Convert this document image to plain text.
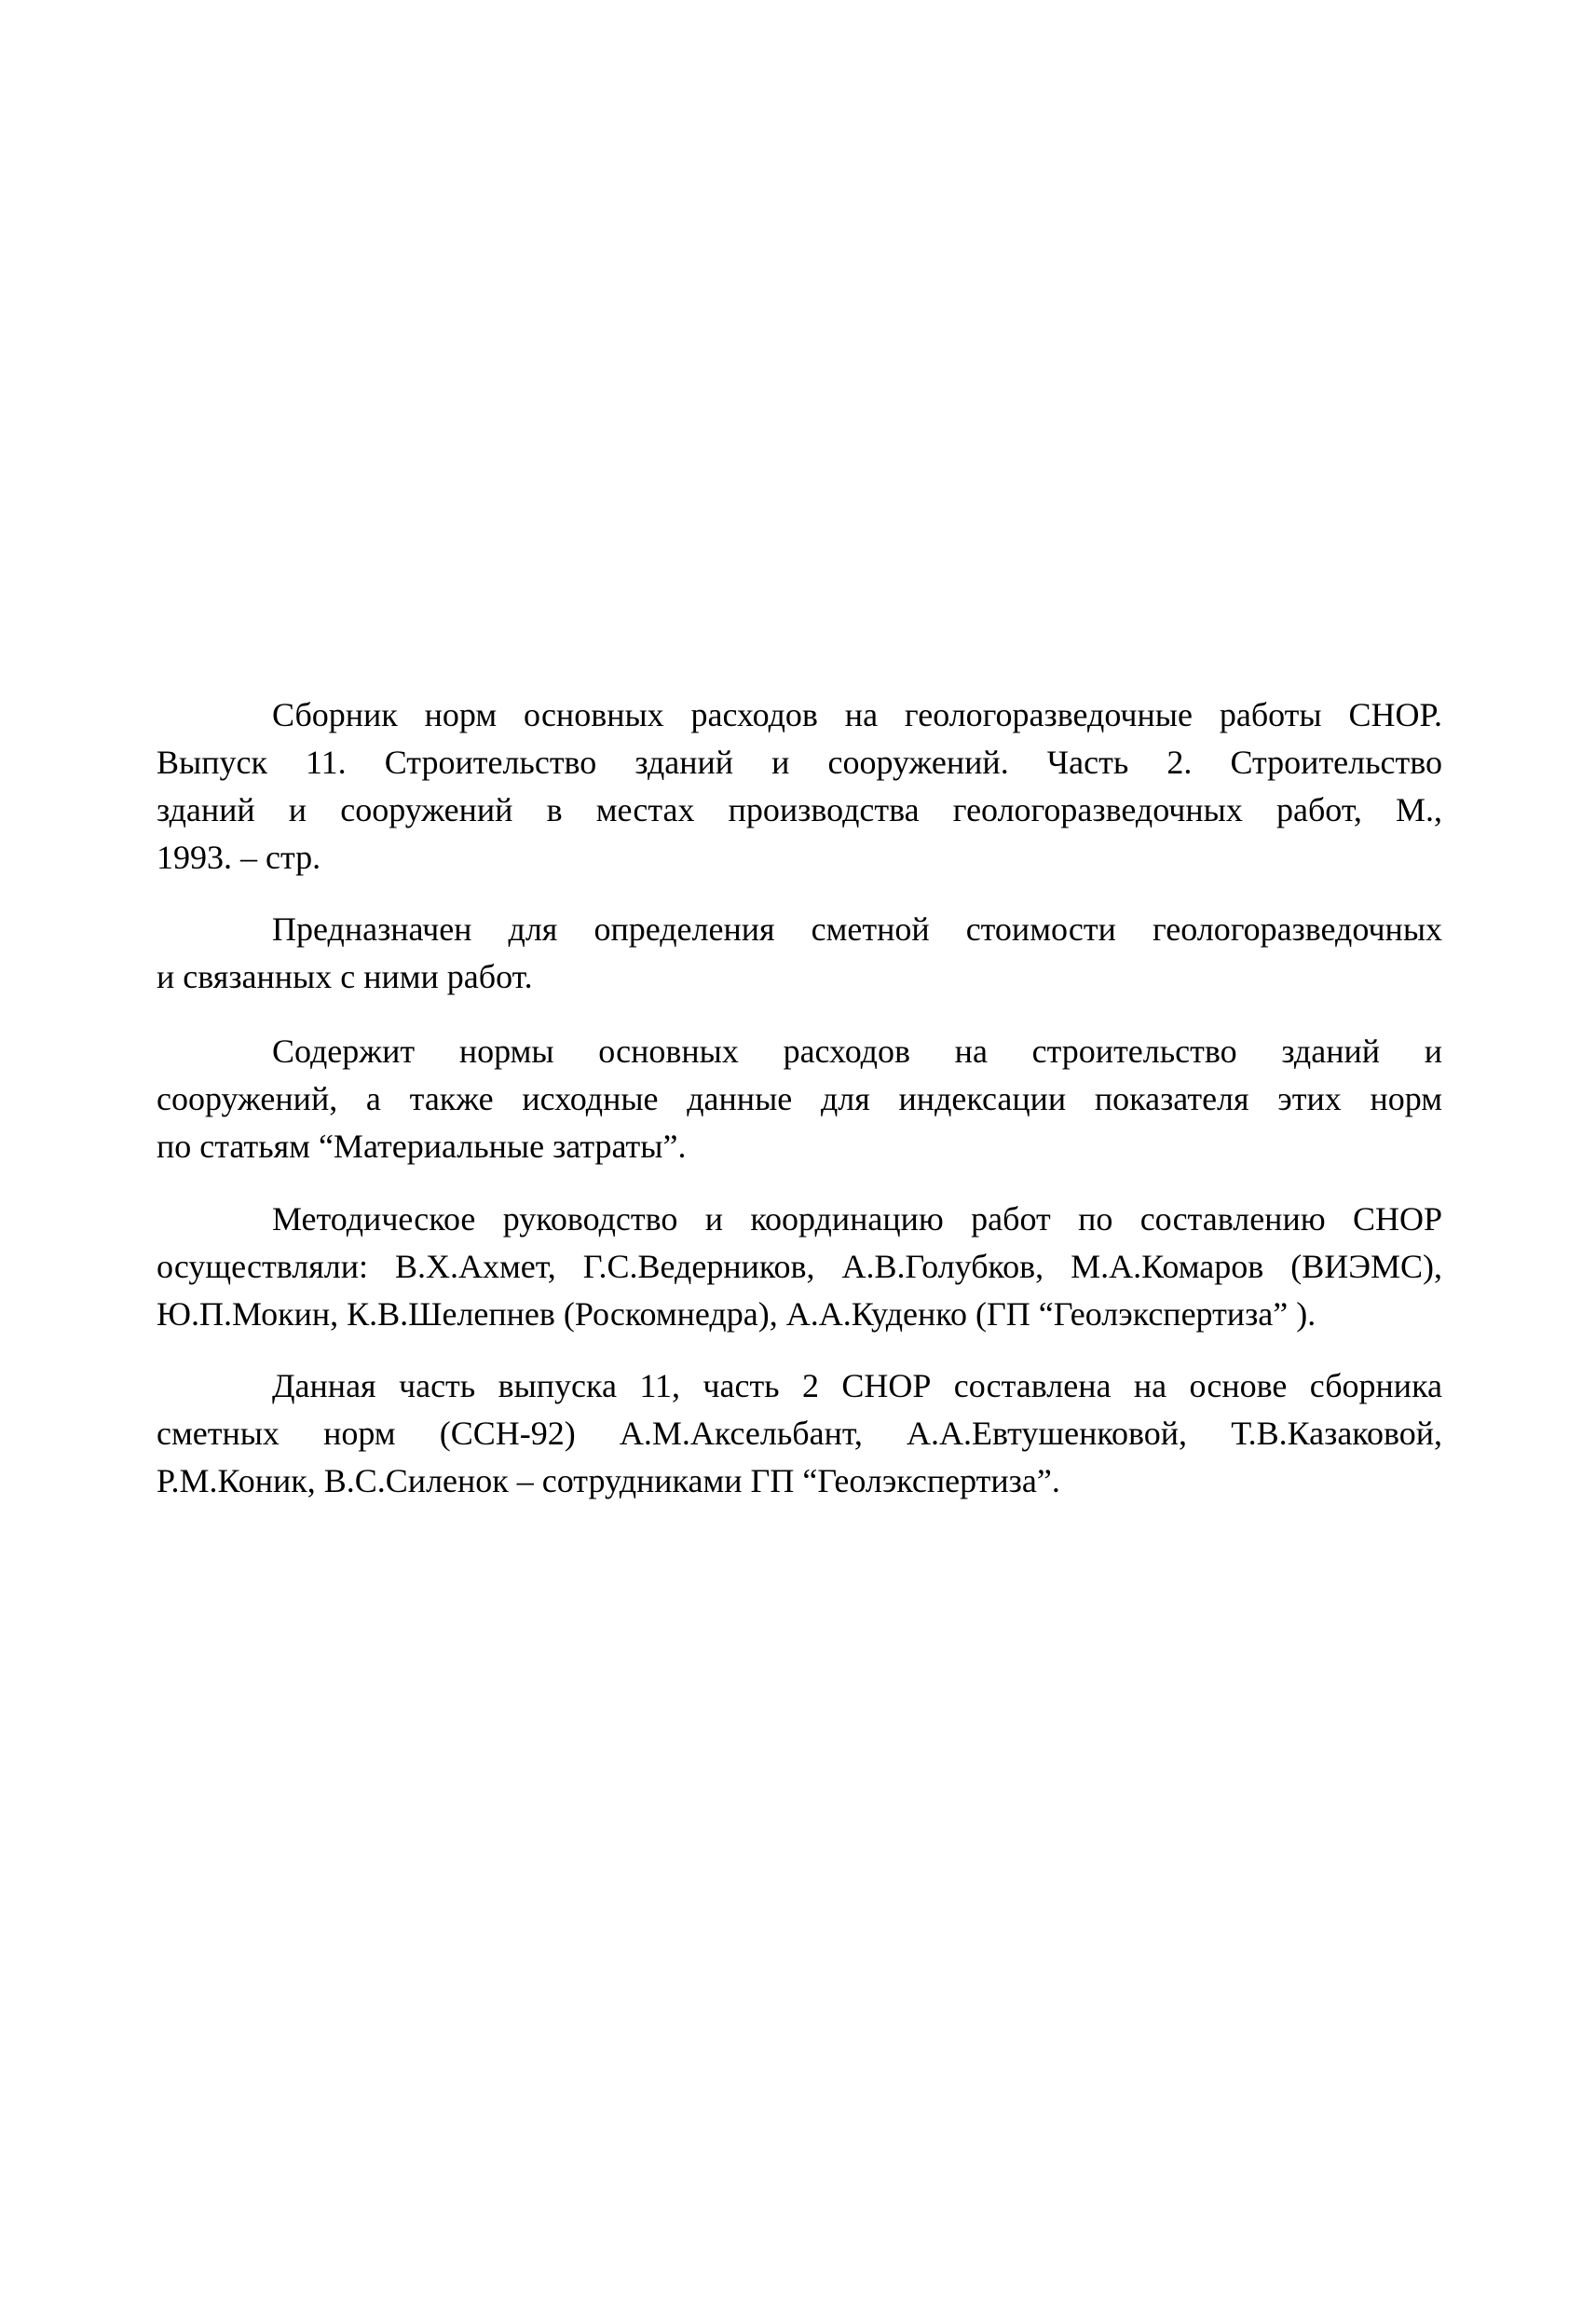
Сборник норм основных расходов на геологоразведочные работы СНОР.
Выпуск 11. Строительство зданий и сооружений. Часть 2. Строительство
зданий и сооружений в местах производства геологоразведочных работ, М.,
1993. – стр.
Предназначен для определения сметной стоимости геологоразведочных
и связанных с ними работ.
Содержит нормы основных расходов на строительство зданий и
сооружений, а также исходные данные для индексации показателя этих норм
по статьям “Материальные затраты”.
Методическое руководство и координацию работ по составлению СНОР
осуществляли: В.Х.Ахмет, Г.С.Ведерников, А.В.Голубков, М.А.Комаров (ВИЭМС),
Ю.П.Мокин, К.В.Шелепнев (Роскомнедра), А.А.Куденко (ГП “Геолэкспертиза” ).
Данная часть выпуска 11, часть 2 СНОР составлена на основе сборника
сметных норм (ССН-92) А.М.Аксельбант, А.А.Евтушенковой, Т.В.Казаковой,
Р.М.Коник, В.С.Силенок – сотрудниками ГП “Геолэкспертиза”.
